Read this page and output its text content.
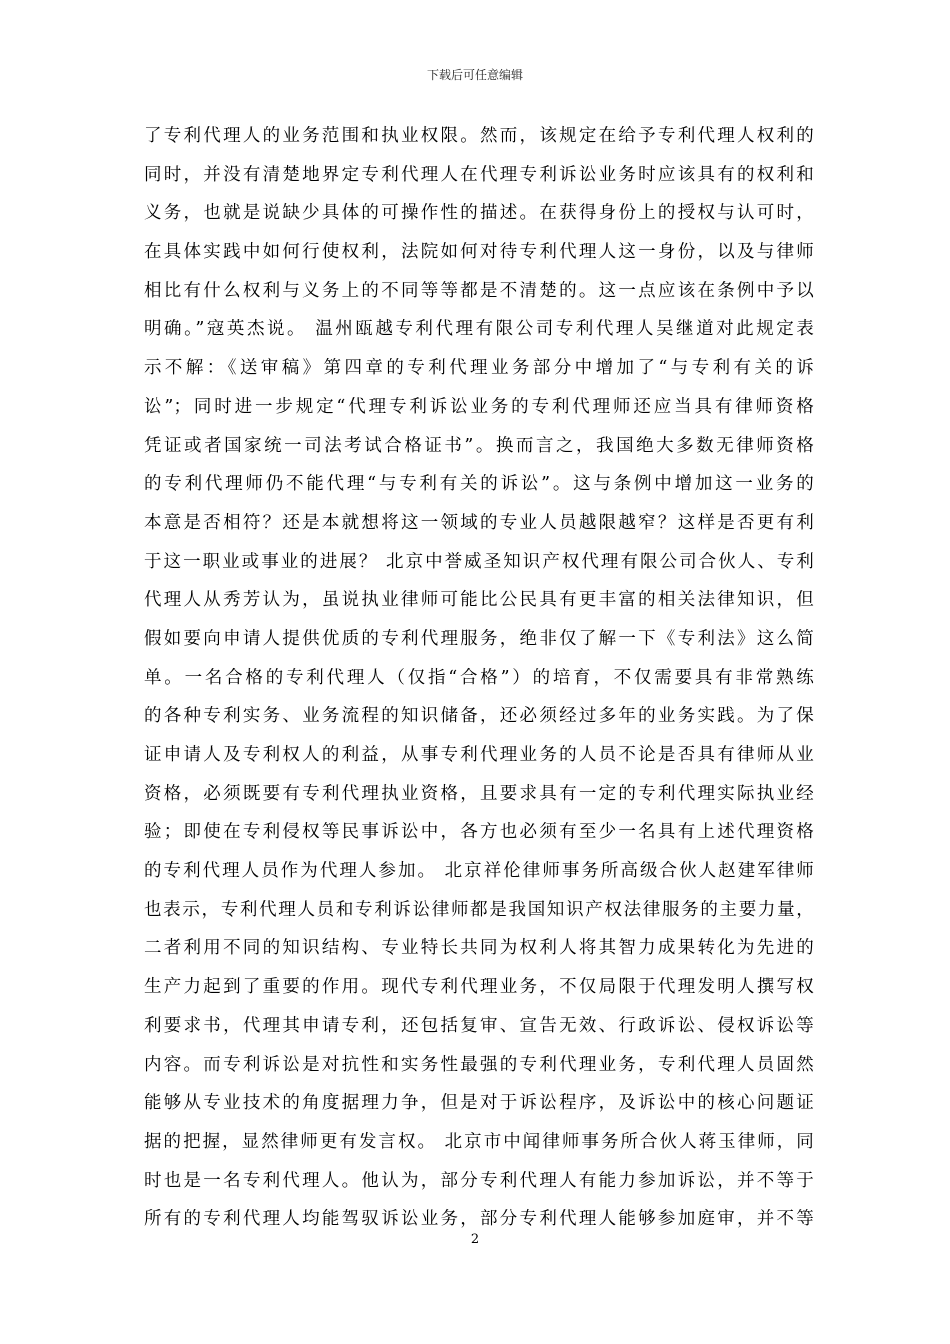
下载后可任意编辑
了专利代理人的业务范围和执业权限。然而，该规定在给予专利代理人权利的
同时，并没有清楚地界定专利代理人在代理专利诉讼业务时应该具有的权利和
义务，也就是说缺少具体的可操作性的描述。在获得身份上的授权与认可时，
在具体实践中如何行使权利，法院如何对待专利代理人这一身份，以及与律师
相比有什么权利与义务上的不同等等都是不清楚的。这一点应该在条例中予以
明确。”寇英杰说。 温州瓯越专利代理有限公司专利代理人吴继道对此规定表
示不解：《送审稿》第四章的专利代理业务部分中增加了“与专利有关的诉
讼”；同时进一步规定“代理专利诉讼业务的专利代理师还应当具有律师资格
凭证或者国家统一司法考试合格证书”。换而言之，我国绝大多数无律师资格
的专利代理师仍不能代理“与专利有关的诉讼”。这与条例中增加这一业务的
本意是否相符？还是本就想将这一领域的专业人员越限越窄？这样是否更有利
于这一职业或事业的进展？ 北京中誉威圣知识产权代理有限公司合伙人、专利
代理人从秀芳认为，虽说执业律师可能比公民具有更丰富的相关法律知识，但
假如要向申请人提供优质的专利代理服务，绝非仅了解一下《专利法》这么简
单。一名合格的专利代理人（仅指“合格”）的培育，不仅需要具有非常熟练
的各种专利实务、业务流程的知识储备，还必须经过多年的业务实践。为了保
证申请人及专利权人的利益，从事专利代理业务的人员不论是否具有律师从业
资格，必须既要有专利代理执业资格，且要求具有一定的专利代理实际执业经
验；即使在专利侵权等民事诉讼中，各方也必须有至少一名具有上述代理资格
的专利代理人员作为代理人参加。 北京祥伦律师事务所高级合伙人赵建军律师
也表示，专利代理人员和专利诉讼律师都是我国知识产权法律服务的主要力量，
二者利用不同的知识结构、专业特长共同为权利人将其智力成果转化为先进的
生产力起到了重要的作用。现代专利代理业务，不仅局限于代理发明人撰写权
利要求书，代理其申请专利，还包括复审、宣告无效、行政诉讼、侵权诉讼等
内容。而专利诉讼是对抗性和实务性最强的专利代理业务，专利代理人员固然
能够从专业技术的角度据理力争，但是对于诉讼程序，及诉讼中的核心问题证
据的把握，显然律师更有发言权。 北京市中闻律师事务所合伙人蒋玉律师，同
时也是一名专利代理人。他认为，部分专利代理人有能力参加诉讼，并不等于
所有的专利代理人均能驾驭诉讼业务，部分专利代理人能够参加庭审，并不等
2
